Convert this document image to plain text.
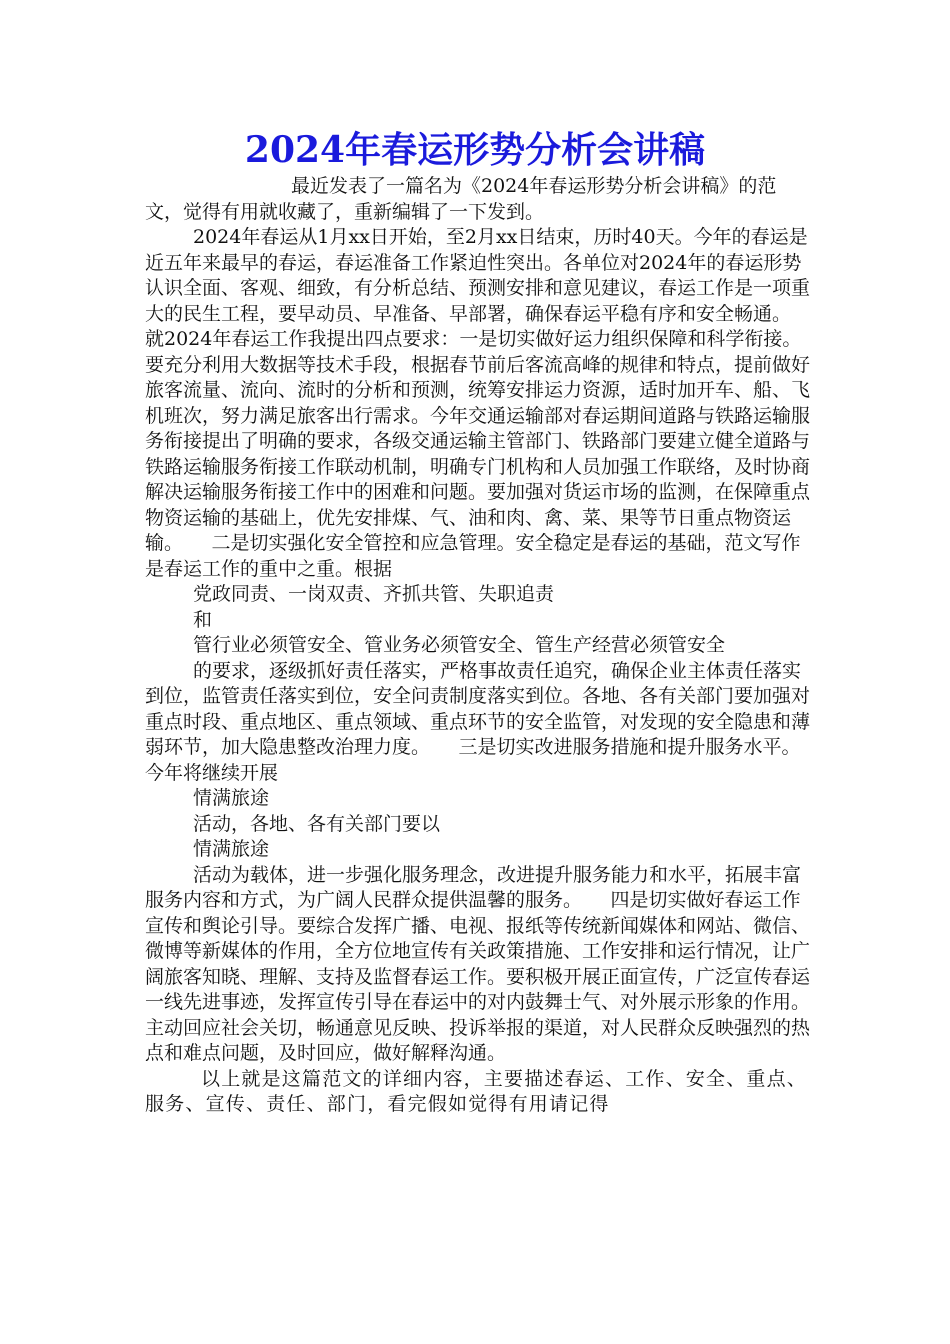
2024年春运形势分析会讲稿

最近发表了一篇名为《2024年春运形势分析会讲稿》的范文，觉得有用就收藏了，重新编辑了一下发到。

2024年春运从1月xx日开始，至2月xx日结束，历时40天。今年的春运是近五年来最早的春运，春运准备工作紧迫性突出。各单位对2024年的春运形势认识全面、客观、细致，有分析总结、预测安排和意见建议，春运工作是一项重大的民生工程，要早动员、早准备、早部署，确保春运平稳有序和安全畅通。　　就2024年春运工作我提出四点要求：一是切实做好运力组织保障和科学衔接。要充分利用大数据等技术手段，根据春节前后客流高峰的规律和特点，提前做好旅客流量、流向、流时的分析和预测，统筹安排运力资源，适时加开车、船、飞机班次，努力满足旅客出行需求。今年交通运输部对春运期间道路与铁路运输服务衔接提出了明确的要求，各级交通运输主管部门、铁路部门要建立健全道路与铁路运输服务衔接工作联动机制，明确专门机构和人员加强工作联络，及时协商解决运输服务衔接工作中的困难和问题。要加强对货运市场的监测，在保障重点物资运输的基础上，优先安排煤、气、油和肉、禽、菜、果等节日重点物资运输。　　二是切实强化安全管控和应急管理。安全稳定是春运的基础，范文写作是春运工作的重中之重。根据

党政同责、一岗双责、齐抓共管、失职追责

和

管行业必须管安全、管业务必须管安全、管生产经营必须管安全

的要求，逐级抓好责任落实，严格事故责任追究，确保企业主体责任落实到位，监管责任落实到位，安全问责制度落实到位。各地、各有关部门要加强对重点时段、重点地区、重点领域、重点环节的安全监管，对发现的安全隐患和薄弱环节，加大隐患整改治理力度。　　三是切实改进服务措施和提升服务水平。今年将继续开展

情满旅途

活动，各地、各有关部门要以

情满旅途

活动为载体，进一步强化服务理念，改进提升服务能力和水平，拓展丰富服务内容和方式，为广阔人民群众提供温馨的服务。　　四是切实做好春运工作宣传和舆论引导。要综合发挥广播、电视、报纸等传统新闻媒体和网站、微信、微博等新媒体的作用，全方位地宣传有关政策措施、工作安排和运行情况，让广阔旅客知晓、理解、支持及监督春运工作。要积极开展正面宣传，广泛宣传春运一线先进事迹，发挥宣传引导在春运中的对内鼓舞士气、对外展示形象的作用。主动回应社会关切，畅通意见反映、投诉举报的渠道，对人民群众反映强烈的热点和难点问题，及时回应，做好解释沟通。

以上就是这篇范文的详细内容，主要描述春运、工作、安全、重点、服务、宣传、责任、部门，看完假如觉得有用请记得
